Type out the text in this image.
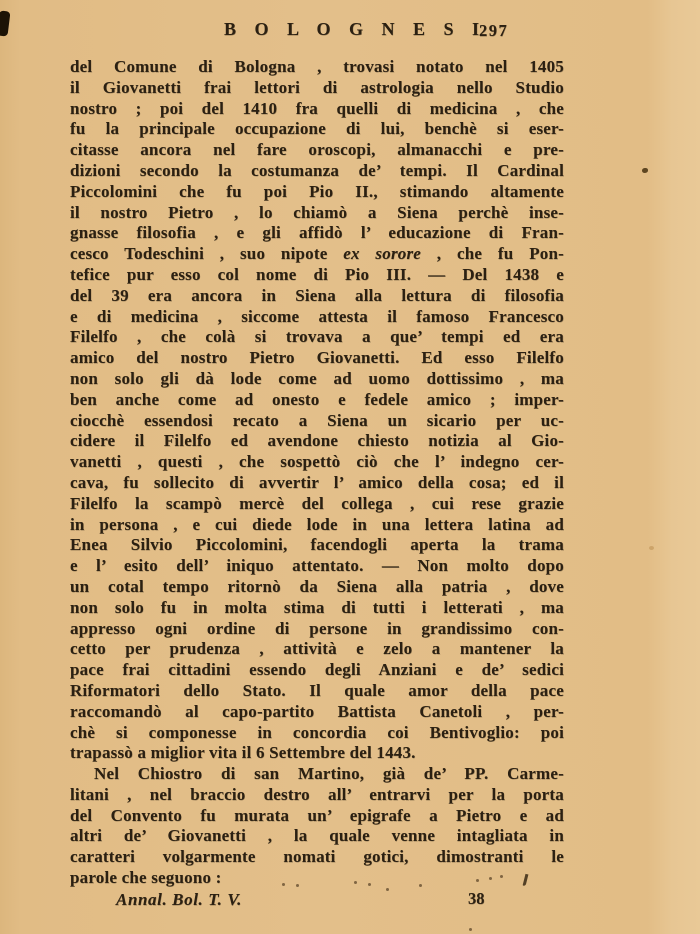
B O L O G N E S I
297
del Comune di Bologna , trovasi notato nel 1405
il Giovanetti frai lettori di astrologia nello Studio
nostro ; poi del 1410 fra quelli di medicina , che
fu la principale occupazione di lui, benchè si eser-
citasse ancora nel fare oroscopi, almanacchi e pre-
dizioni secondo la costumanza de’ tempi. Il Cardinal
Piccolomini che fu poi Pio II., stimando altamente
il nostro Pietro , lo chiamò a Siena perchè inse-
gnasse filosofia , e gli affidò l’ educazione di Fran-
cesco Todeschini , suo nipote ex sorore , che fu Pon-
tefice pur esso col nome di Pio III. — Del 1438 e
del 39 era ancora in Siena alla lettura di filosofia
e di medicina , siccome attesta il famoso Francesco
Filelfo , che colà si trovava a que’ tempi ed era
amico del nostro Pietro Giovanetti. Ed esso Filelfo
non solo gli dà lode come ad uomo dottissimo , ma
ben anche come ad onesto e fedele amico ; imper-
ciocchè essendosi recato a Siena un sicario per uc-
cidere il Filelfo ed avendone chiesto notizia al Gio-
vanetti , questi , che sospettò ciò che l’ indegno cer-
cava, fu sollecito di avvertir l’ amico della cosa; ed il
Filelfo la scampò mercè del collega , cui rese grazie
in persona , e cui diede lode in una lettera latina ad
Enea Silvio Piccolomini, facendogli aperta la trama
e l’ esito dell’ iniquo attentato. — Non molto dopo
un cotal tempo ritornò da Siena alla patria , dove
non solo fu in molta stima di tutti i letterati , ma
appresso ogni ordine di persone in grandissimo con-
cetto per prudenza , attività e zelo a mantener la
pace frai cittadini essendo degli Anziani e de’ sedici
Riformatori dello Stato. Il quale amor della pace
raccomandò al capo-partito Battista Canetoli , per-
chè si componesse in concordia coi Bentivoglio: poi
trapassò a miglior vita il 6 Settembre del 1443.
Nel Chiostro di san Martino, già de’ PP. Carme-
litani , nel braccio destro all’ entrarvi per la porta
del Convento fu murata un’ epigrafe a Pietro e ad
altri de’ Giovanetti , la quale venne intagliata in
caratteri volgarmente nomati gotici, dimostranti le
parole che seguono :
Annal. Bol. T. V.	38
